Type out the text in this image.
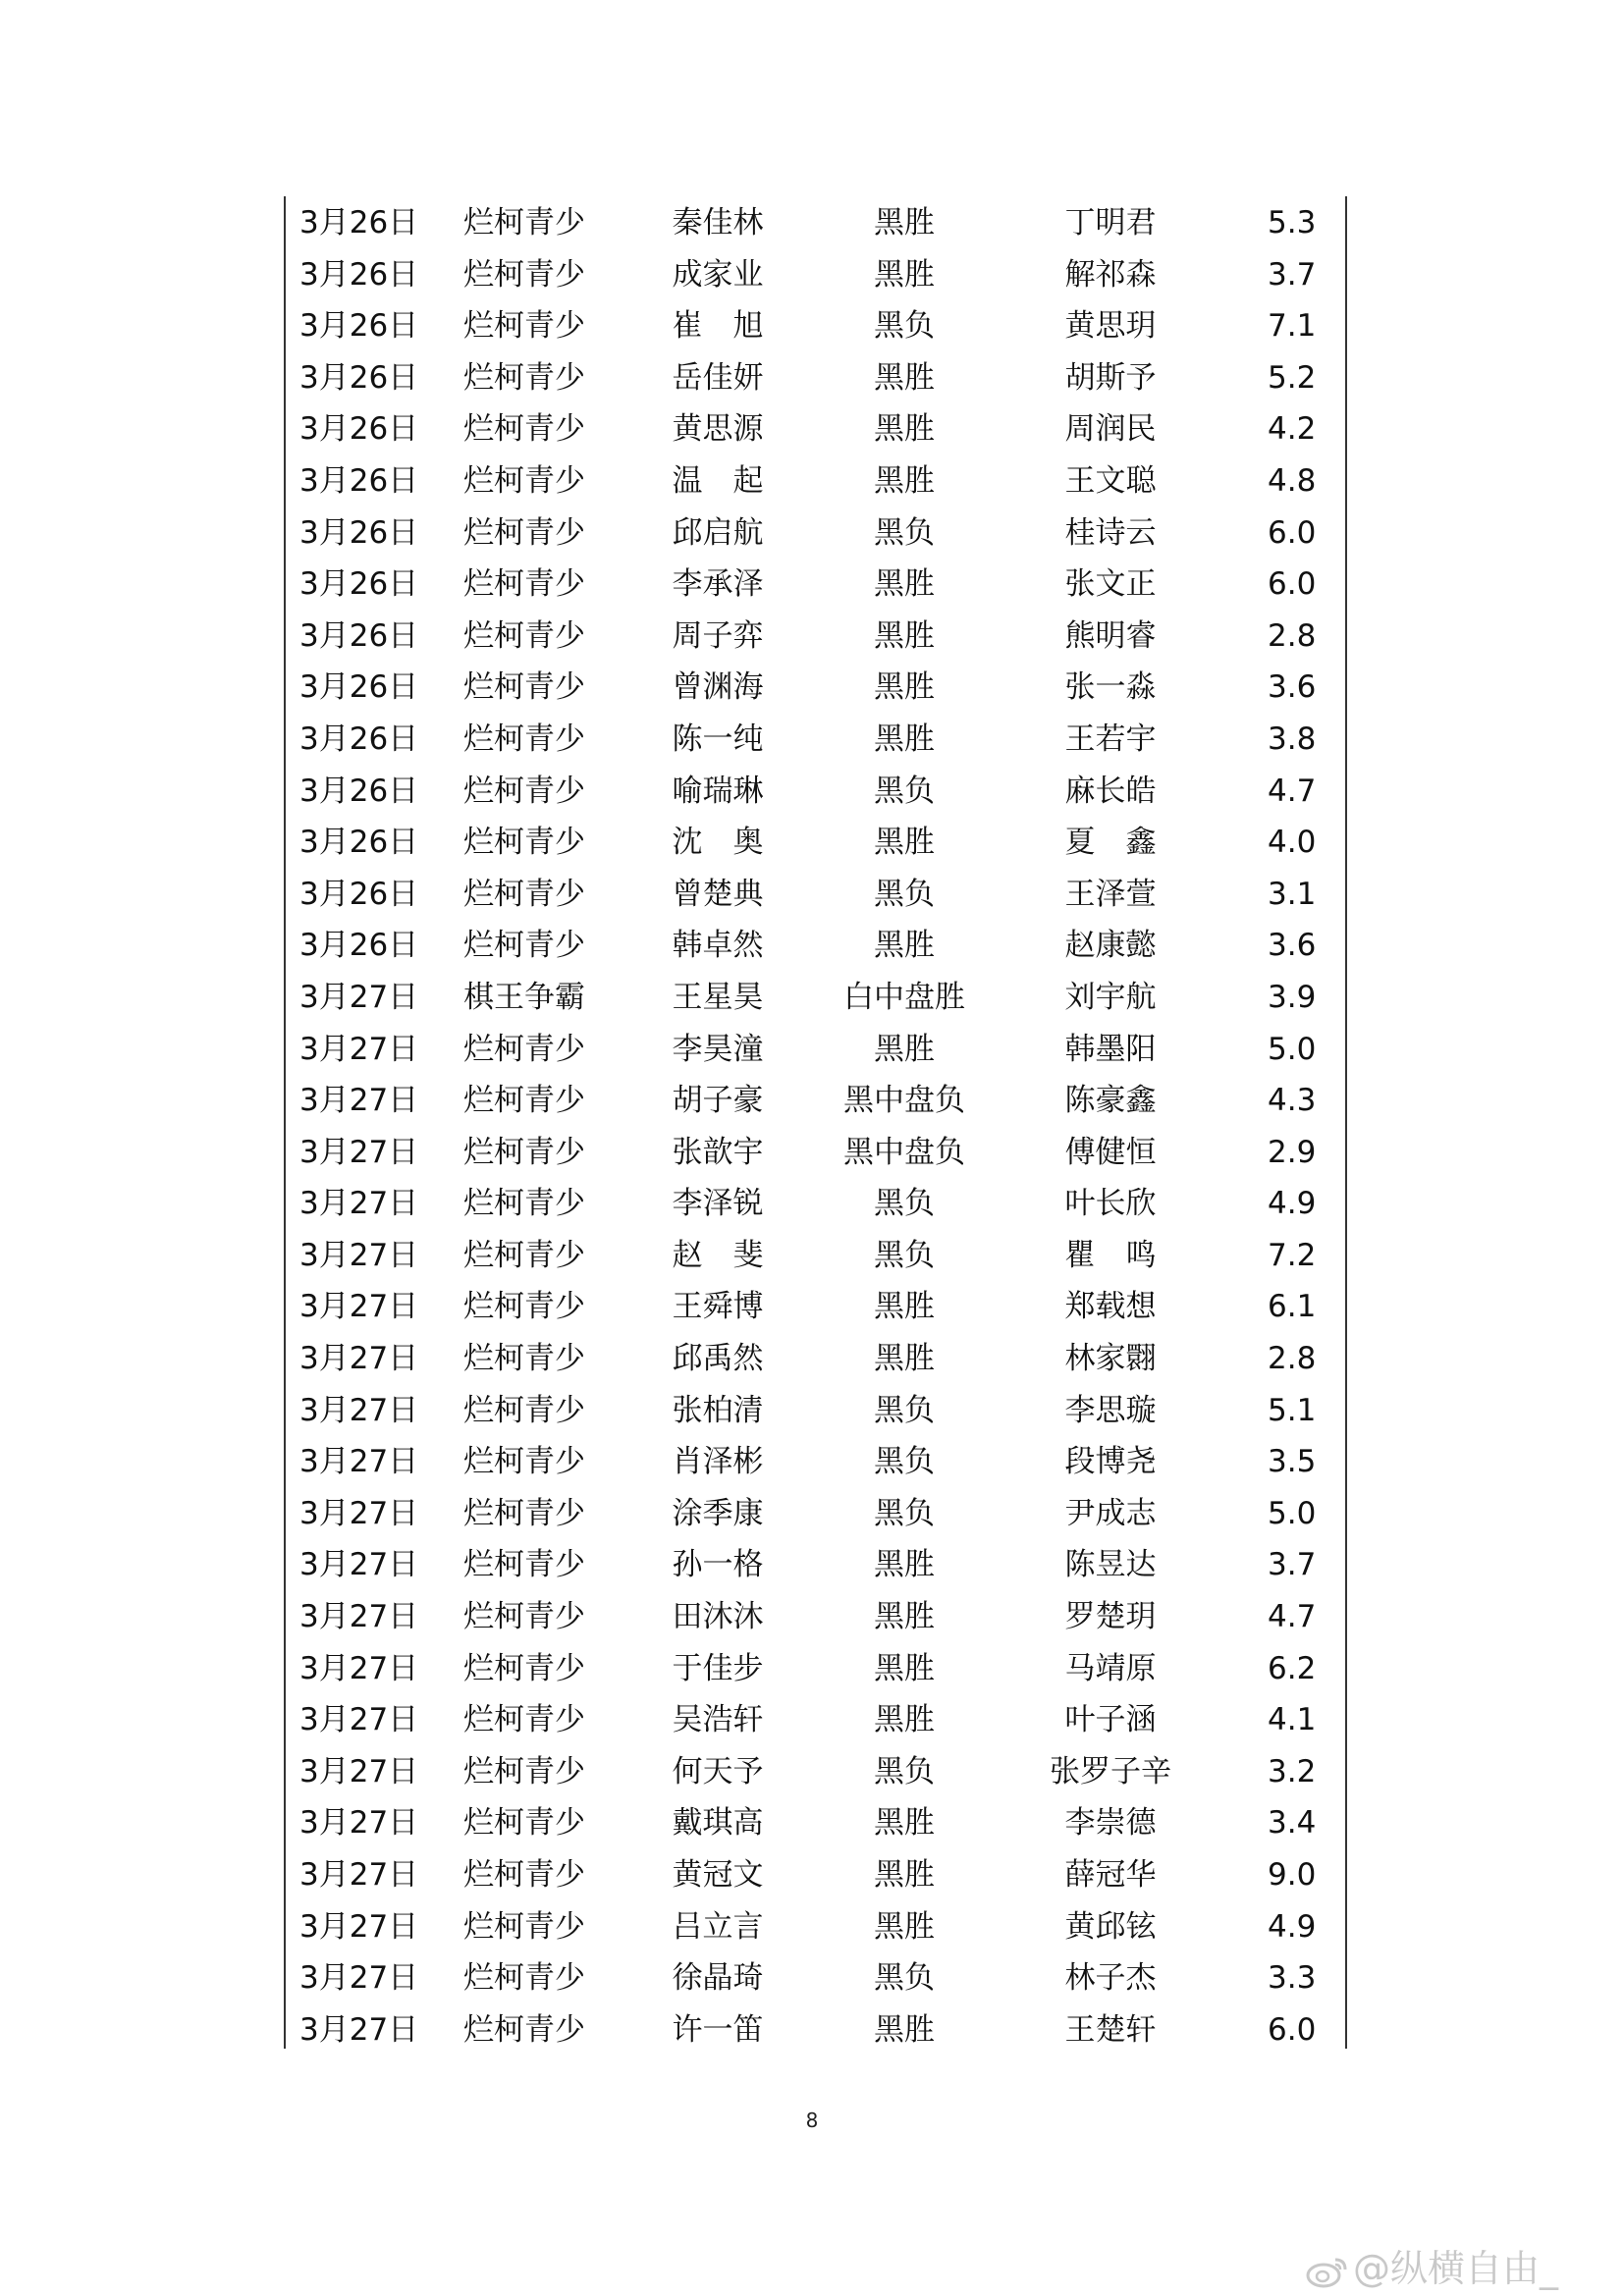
3月26日	烂柯青少	秦佳林	黑胜	丁明君	5.3
3月26日	烂柯青少	成家业	黑胜	解祁森	3.7
3月26日	烂柯青少	崔　旭	黑负	黄思玥	7.1
3月26日	烂柯青少	岳佳妍	黑胜	胡斯予	5.2
3月26日	烂柯青少	黄思源	黑胜	周润民	4.2
3月26日	烂柯青少	温　起	黑胜	王文聪	4.8
3月26日	烂柯青少	邱启航	黑负	桂诗云	6.0
3月26日	烂柯青少	李承泽	黑胜	张文正	6.0
3月26日	烂柯青少	周子弈	黑胜	熊明睿	2.8
3月26日	烂柯青少	曾渊海	黑胜	张一淼	3.6
3月26日	烂柯青少	陈一纯	黑胜	王若宇	3.8
3月26日	烂柯青少	喻瑞琳	黑负	麻长皓	4.7
3月26日	烂柯青少	沈　奥	黑胜	夏　鑫	4.0
3月26日	烂柯青少	曾楚典	黑负	王泽萱	3.1
3月26日	烂柯青少	韩卓然	黑胜	赵康懿	3.6
3月27日	棋王争霸	王星昊	白中盘胜	刘宇航	3.9
3月27日	烂柯青少	李昊潼	黑胜	韩墨阳	5.0
3月27日	烂柯青少	胡子豪	黑中盘负	陈豪鑫	4.3
3月27日	烂柯青少	张歆宇	黑中盘负	傅健恒	2.9
3月27日	烂柯青少	李泽锐	黑负	叶长欣	4.9
3月27日	烂柯青少	赵　斐	黑负	瞿　鸣	7.2
3月27日	烂柯青少	王舜博	黑胜	郑载想	6.1
3月27日	烂柯青少	邱禹然	黑胜	林家翾	2.8
3月27日	烂柯青少	张柏清	黑负	李思璇	5.1
3月27日	烂柯青少	肖泽彬	黑负	段博尧	3.5
3月27日	烂柯青少	涂季康	黑负	尹成志	5.0
3月27日	烂柯青少	孙一格	黑胜	陈昱达	3.7
3月27日	烂柯青少	田沐沐	黑胜	罗楚玥	4.7
3月27日	烂柯青少	于佳步	黑胜	马靖原	6.2
3月27日	烂柯青少	吴浩轩	黑胜	叶子涵	4.1
3月27日	烂柯青少	何天予	黑负	张罗子辛	3.2
3月27日	烂柯青少	戴琪高	黑胜	李崇德	3.4
3月27日	烂柯青少	黄冠文	黑胜	薛冠华	9.0
3月27日	烂柯青少	吕立言	黑胜	黄邱铉	4.9
3月27日	烂柯青少	徐晶琦	黑负	林子杰	3.3
3月27日	烂柯青少	许一笛	黑胜	王楚轩	6.0
8
@纵横自由_
